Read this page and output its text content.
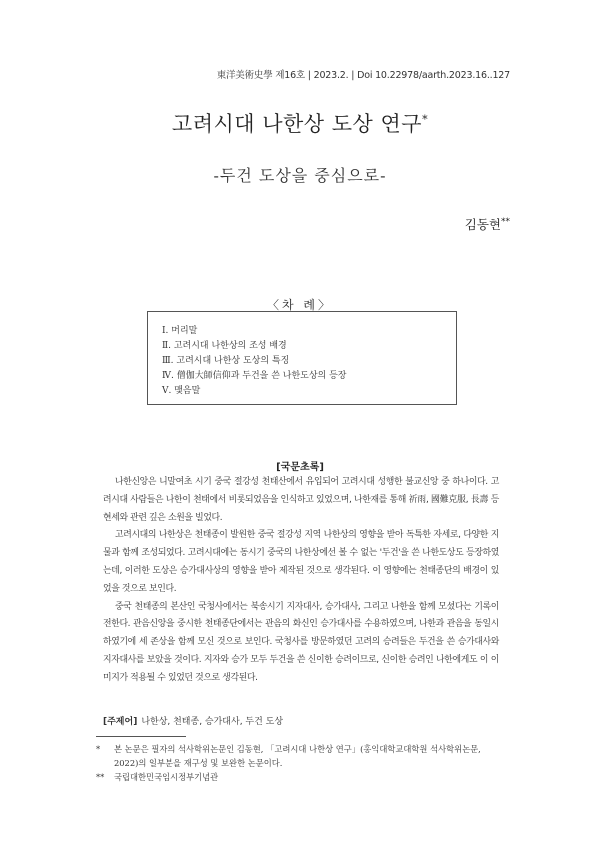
東洋美術史學 제16호 | 2023.2. | Doi 10.22978/aarth.2023.16..127
고려시대 나한상 도상 연구*
-두건 도상을 중심으로-
김동현**
〈차 례〉
Ⅰ. 머리말
Ⅱ. 고려시대 나한상의 조성 배경
Ⅲ. 고려시대 나한상 도상의 특징
Ⅳ. 僧伽大師信仰과 두건을 쓴 나한도상의 등장
Ⅴ. 맺음말
[국문초록]

나한신앙은 니말여초 시기 중국 절강성 천태산에서 유입되어 고려시대 성행한 불교신앙 중 하나이다. 고려시대 사람들은 나한이 천태에서 비롯되었음을 인식하고 있었으며, 나한재를 통해 祈雨, 國難克服, 長壽 등 현세와 관련 깊은 소원을 빌었다.

고려시대의 나한상은 천태종이 발원한 중국 절강성 지역 나한상의 영향을 받아 독특한 자세로, 다양한 지물과 함께 조성되었다. 고려시대에는 동시기 중국의 나한상에선 볼 수 없는 '두건'을 쓴 나한도상도 등장하였는데, 이러한 도상은 승가대사상의 영향을 받아 제작된 것으로 생각된다. 이 영향에는 천태종단의 배경이 있었을 것으로 보인다.

중국 천태종의 본산인 국청사에서는 북송시기 지자대사, 승가대사, 그리고 나한을 함께 모셨다는 기록이 전한다. 관음신앙을 중시한 천태종단에서는 관음의 화신인 승가대사를 수용하였으며, 나한과 관음을 동일시하였기에 세 존상을 함께 모신 것으로 보인다. 국청사를 방문하였던 고려의 승려들은 두건을 쓴 승가대사와 지자대사를 보았을 것이다. 지자와 승가 모두 두건을 쓴 신이한 승려이므로, 신이한 승려인 나한에게도 이 이미지가 적용될 수 있었던 것으로 생각된다.

[주제어] 나한상, 천태종, 승가대사, 두건 도상
* 본 논문은 필자의 석사학위논문인 김동현, 「고려시대 나한상 연구」(홍익대학교대학원 석사학위논문, 2022)의 일부분을 재구성 및 보완한 논문이다.
** 국립대한민국임시정부기념관
